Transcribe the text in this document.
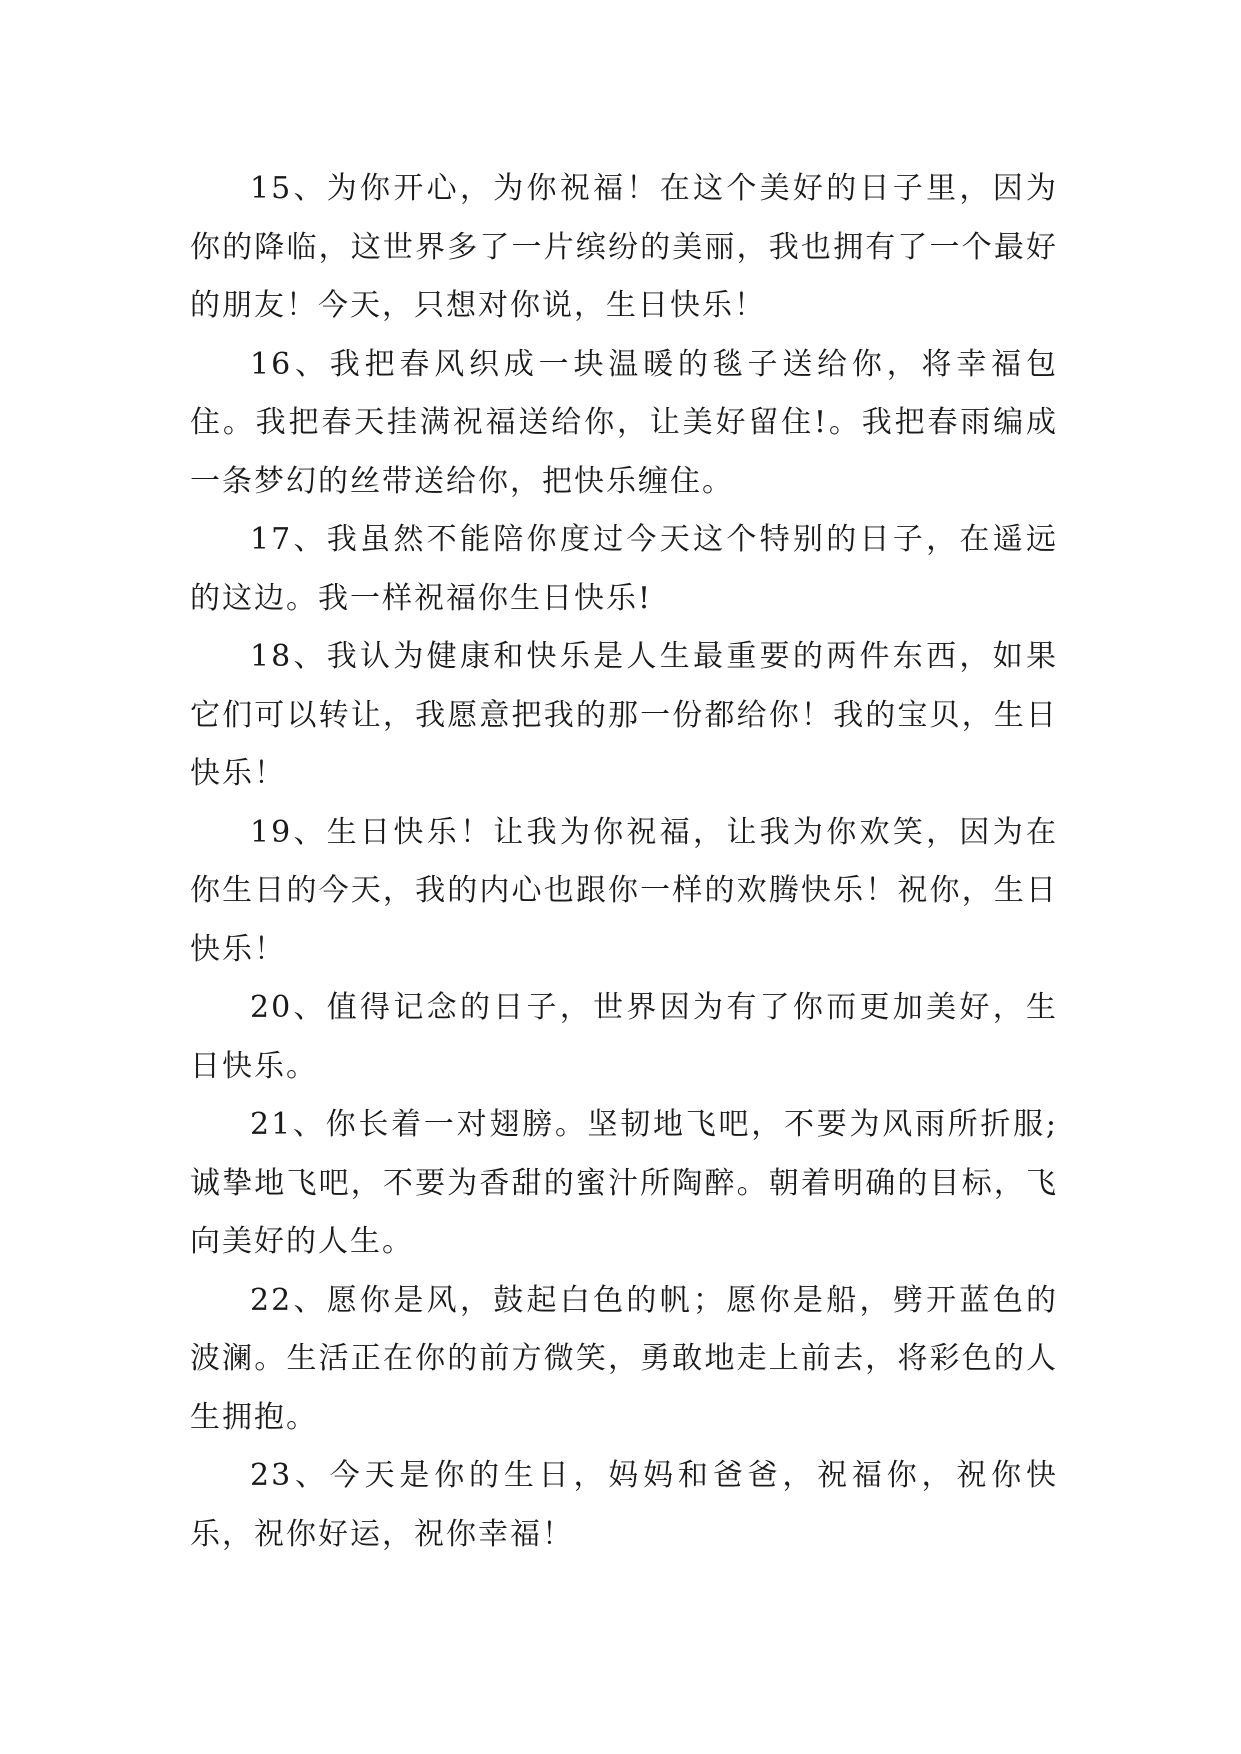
15、为你开心，为你祝福！在这个美好的日子里，因为你的降临，这世界多了一片缤纷的美丽，我也拥有了一个最好的朋友！今天，只想对你说，生日快乐！

16、我把春风织成一块温暖的毯子送给你，将幸福包住。我把春天挂满祝福送给你，让美好留住!。我把春雨编成一条梦幻的丝带送给你，把快乐缠住。

17、我虽然不能陪你度过今天这个特别的日子，在遥远的这边。我一样祝福你生日快乐!

18、我认为健康和快乐是人生最重要的两件东西，如果它们可以转让，我愿意把我的那一份都给你！我的宝贝，生日快乐！

19、生日快乐！让我为你祝福，让我为你欢笑，因为在你生日的今天，我的内心也跟你一样的欢腾快乐！祝你，生日快乐！

20、值得记念的日子，世界因为有了你而更加美好，生日快乐。

21、你长着一对翅膀。坚韧地飞吧，不要为风雨所折服;诚挚地飞吧，不要为香甜的蜜汁所陶醉。朝着明确的目标，飞向美好的人生。

22、愿你是风，鼓起白色的帆；愿你是船，劈开蓝色的波澜。生活正在你的前方微笑，勇敢地走上前去，将彩色的人生拥抱。

23、今天是你的生日，妈妈和爸爸，祝福你，祝你快乐，祝你好运，祝你幸福！
